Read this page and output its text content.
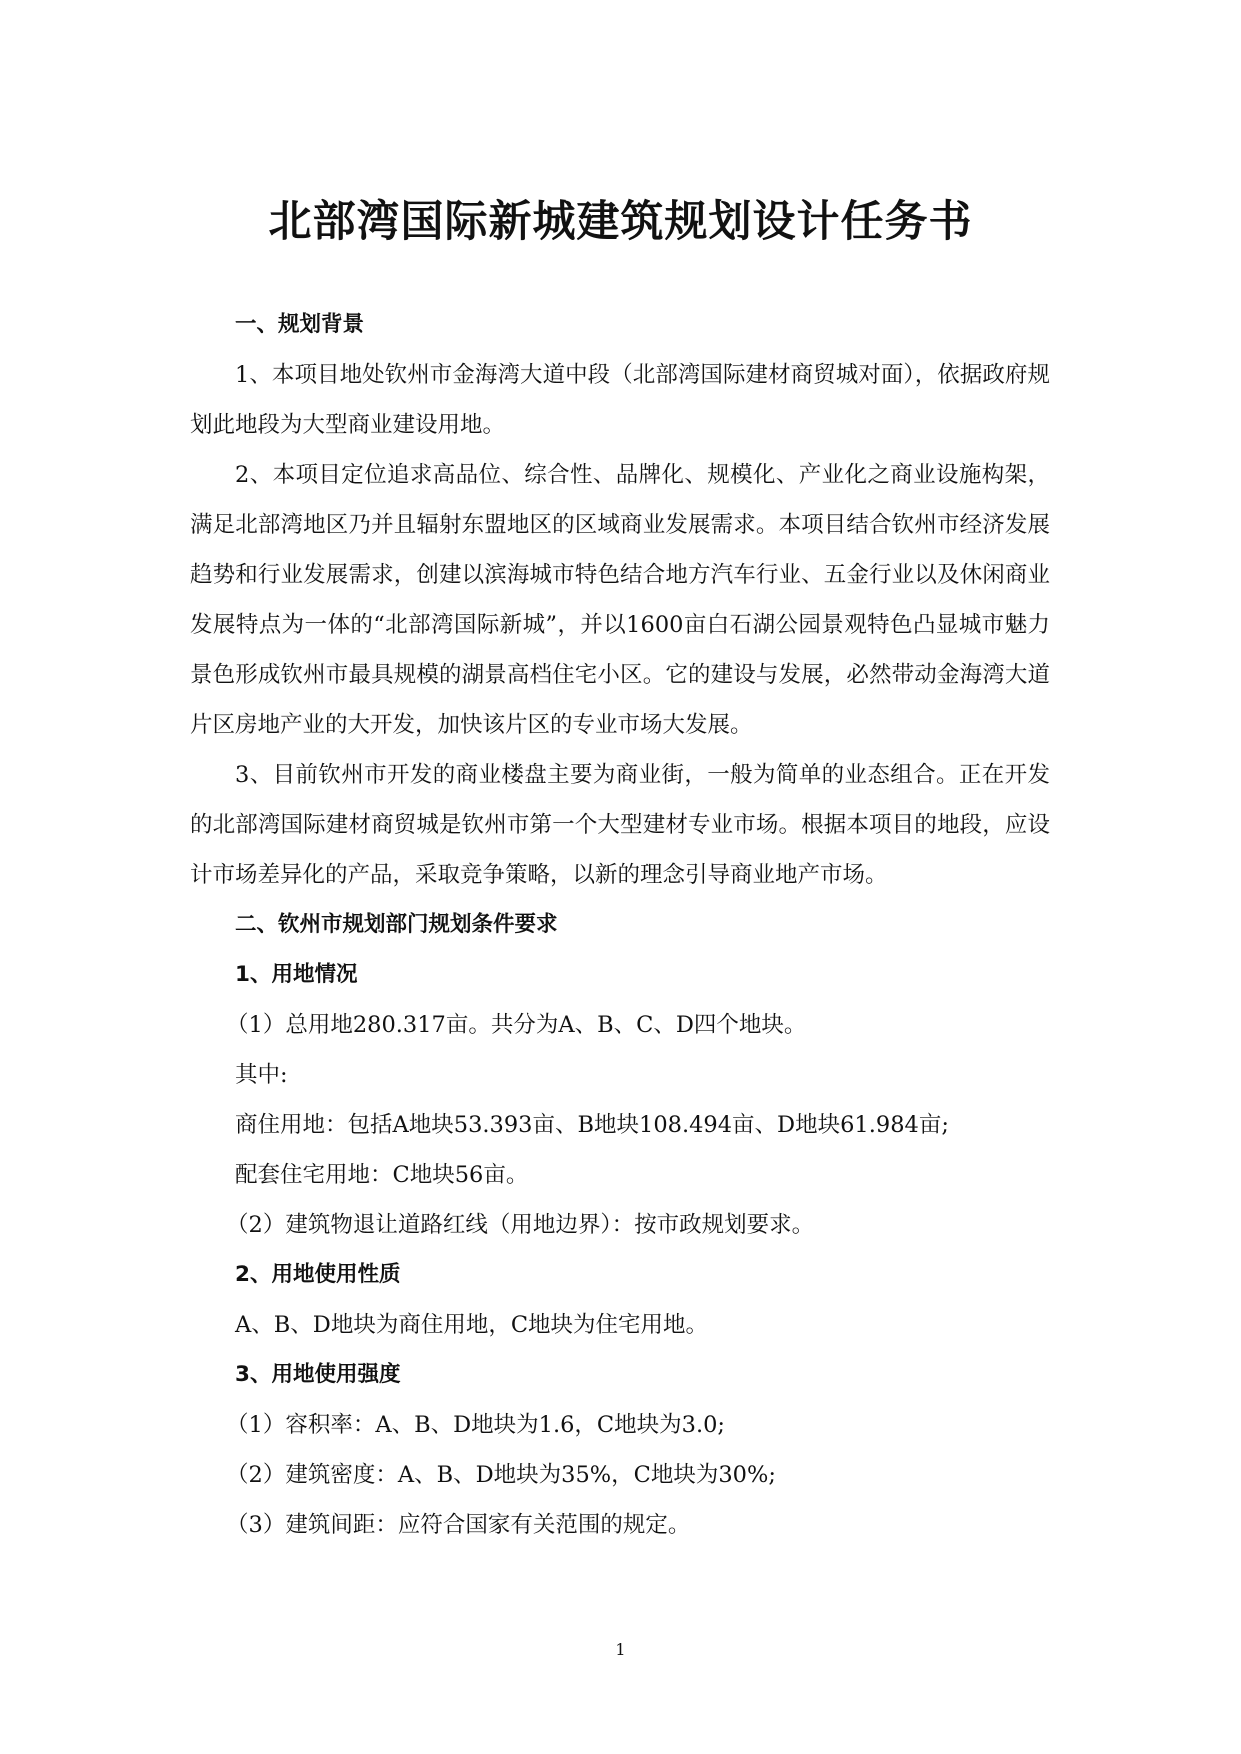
北部湾国际新城建筑规划设计任务书

一、规划背景

1、本项目地处钦州市金海湾大道中段（北部湾国际建材商贸城对面），依据政府规划此地段为大型商业建设用地。

2、本项目定位追求高品位、综合性、品牌化、规模化、产业化之商业设施构架， 满足北部湾地区乃并且辐射东盟地区的区域商业发展需求。本项目结合钦州市经济发展趋势和行业发展需求，创建以滨海城市特色结合地方汽车行业、五金行业以及休闲商业发展特点为一体的“北部湾国际新城”，并以1600亩白石湖公园景观特色凸显城市魅力景色形成钦州市最具规模的湖景高档住宅小区。它的建设与发展，必然带动金海湾大道片区房地产业的大开发，加快该片区的专业市场大发展。

3、目前钦州市开发的商业楼盘主要为商业街，一般为简单的业态组合。正在开发的北部湾国际建材商贸城是钦州市第一个大型建材专业市场。根据本项目的地段，应设计市场差异化的产品，采取竞争策略，以新的理念引导商业地产市场。

二、钦州市规划部门规划条件要求

1、用地情况

（1）总用地280.317亩。共分为A、B、C、D四个地块。

其中:

商住用地：包括A地块53.393亩、B地块108.494亩、D地块61.984亩;

配套住宅用地：C地块56亩。

（2）建筑物退让道路红线（用地边界）：按市政规划要求。

2、用地使用性质

A、B、D地块为商住用地，C地块为住宅用地。

3、用地使用强度

（1）容积率：A、B、D地块为1.6，C地块为3.0;

（2）建筑密度：A、B、D地块为35%，C地块为30%;

（3）建筑间距：应符合国家有关范围的规定。

1
